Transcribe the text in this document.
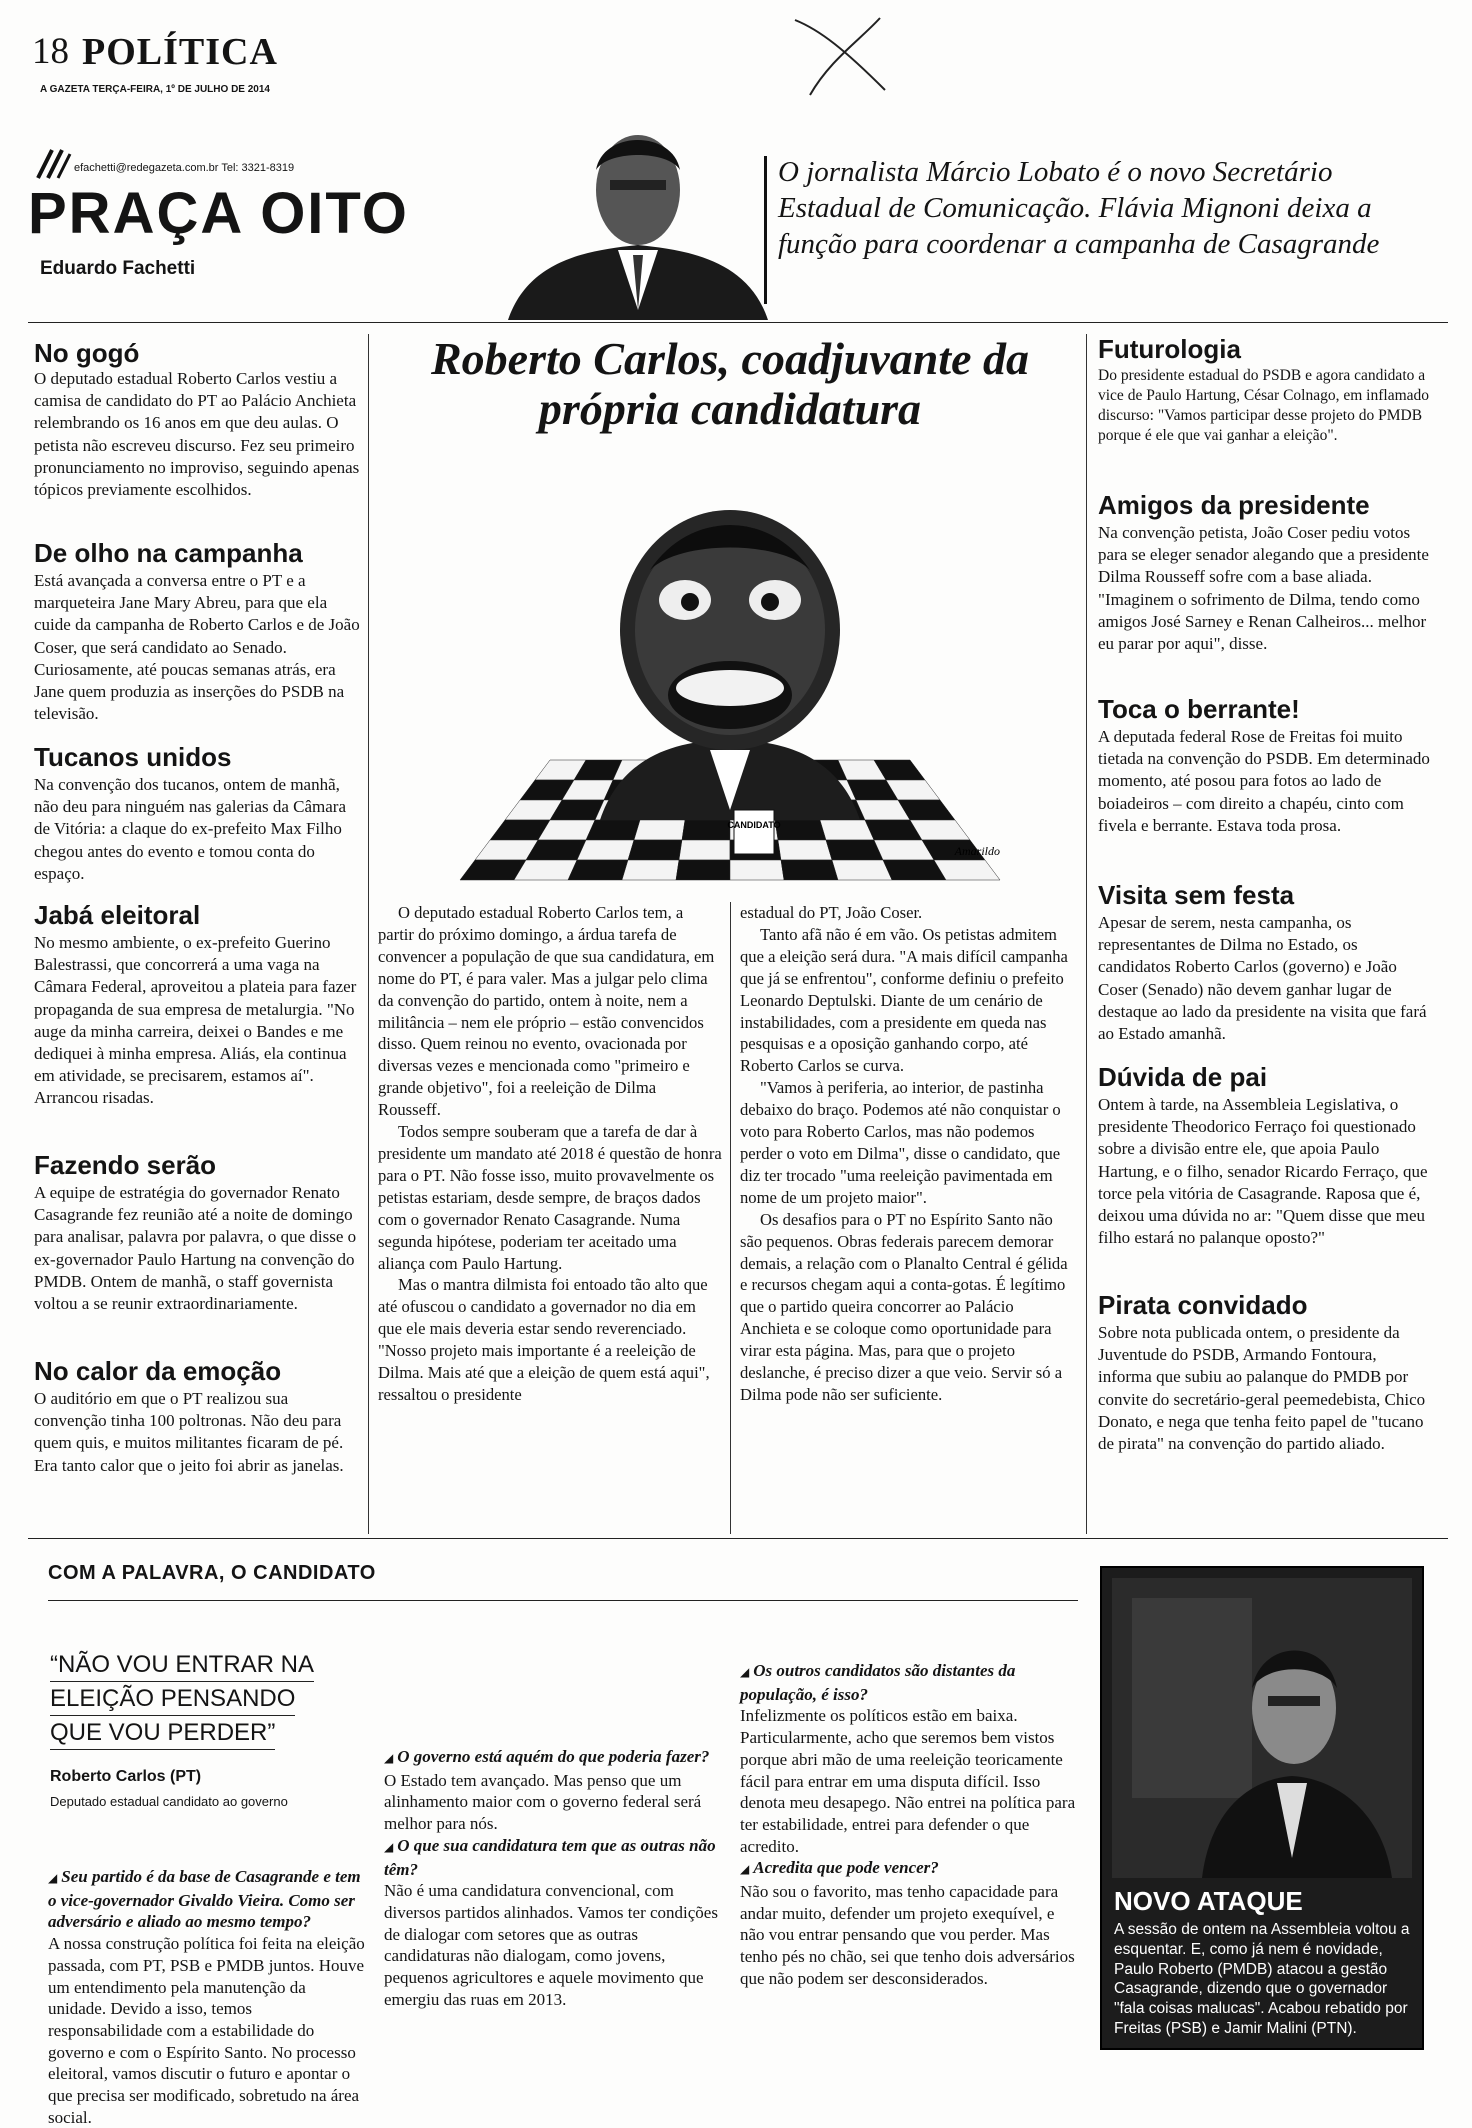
18 POLÍTICA
A GAZETA TERÇA-FEIRA, 1º DE JULHO DE 2014
efachetti@redegazeta.com.br Tel: 3321-8319
PRAÇA OITO
Eduardo Fachetti
O jornalista Márcio Lobato é o novo Secretário Estadual de Comunicação. Flávia Mignoni deixa a função para coordenar a campanha de Casagrande
No gogó
O deputado estadual Roberto Carlos vestiu a camisa de candidato do PT ao Palácio Anchieta relembrando os 16 anos em que deu aulas. O petista não escreveu discurso. Fez seu primeiro pronunciamento no improviso, seguindo apenas tópicos previamente escolhidos.
De olho na campanha
Está avançada a conversa entre o PT e a marqueteira Jane Mary Abreu, para que ela cuide da campanha de Roberto Carlos e de João Coser, que será candidato ao Senado. Curiosamente, até poucas semanas atrás, era Jane quem produzia as inserções do PSDB na televisão.
Tucanos unidos
Na convenção dos tucanos, ontem de manhã, não deu para ninguém nas galerias da Câmara de Vitória: a claque do ex-prefeito Max Filho chegou antes do evento e tomou conta do espaço.
Jabá eleitoral
No mesmo ambiente, o ex-prefeito Guerino Balestrassi, que concorrerá a uma vaga na Câmara Federal, aproveitou a plateia para fazer propaganda de sua empresa de metalurgia. "No auge da minha carreira, deixei o Bandes e me dediquei à minha empresa. Aliás, ela continua em atividade, se precisarem, estamos aí". Arrancou risadas.
Fazendo serão
A equipe de estratégia do governador Renato Casagrande fez reunião até a noite de domingo para analisar, palavra por palavra, o que disse o ex-governador Paulo Hartung na convenção do PMDB. Ontem de manhã, o staff governista voltou a se reunir extraordinariamente.
No calor da emoção
O auditório em que o PT realizou sua convenção tinha 100 poltronas. Não deu para quem quis, e muitos militantes ficaram de pé. Era tanto calor que o jeito foi abrir as janelas.
Roberto Carlos, coadjuvante da própria candidatura
CANDIDATO
Amarildo

O deputado estadual Roberto Carlos tem, a partir do próximo domingo, a árdua tarefa de convencer a população de que sua candidatura, em nome do PT, é para valer. Mas a julgar pelo clima da convenção do partido, ontem à noite, nem a militância – nem ele próprio – estão convencidos disso. Quem reinou no evento, ovacionada por diversas vezes e mencionada como "primeiro e grande objetivo", foi a reeleição de Dilma Rousseff.

Todos sempre souberam que a tarefa de dar à presidente um mandato até 2018 é questão de honra para o PT. Não fosse isso, muito provavelmente os petistas estariam, desde sempre, de braços dados com o governador Renato Casagrande. Numa segunda hipótese, poderiam ter aceitado uma aliança com Paulo Hartung.

Mas o mantra dilmista foi entoado tão alto que até ofuscou o candidato a governador no dia em que ele mais deveria estar sendo reverenciado. "Nosso projeto mais importante é a reeleição de Dilma. Mais até que a eleição de quem está aqui", ressaltou o presidente

estadual do PT, João Coser.

Tanto afã não é em vão. Os petistas admitem que a eleição será dura. "A mais difícil campanha que já se enfrentou", conforme definiu o prefeito Leonardo Deptulski. Diante de um cenário de instabilidades, com a presidente em queda nas pesquisas e a oposição ganhando corpo, até Roberto Carlos se curva.

"Vamos à periferia, ao interior, de pastinha debaixo do braço. Podemos até não conquistar o voto para Roberto Carlos, mas não podemos perder o voto em Dilma", disse o candidato, que diz ter trocado "uma reeleição pavimentada em nome de um projeto maior".

Os desafios para o PT no Espírito Santo não são pequenos. Obras federais parecem demorar demais, a relação com o Planalto Central é gélida e recursos chegam aqui a conta-gotas. É legítimo que o partido queira concorrer ao Palácio Anchieta e se coloque como oportunidade para virar esta página. Mas, para que o projeto deslanche, é preciso dizer a que veio. Servir só a Dilma pode não ser suficiente.

Futurologia
Do presidente estadual do PSDB e agora candidato a vice de Paulo Hartung, César Colnago, em inflamado discurso: "Vamos participar desse projeto do PMDB porque é ele que vai ganhar a eleição".
Amigos da presidente
Na convenção petista, João Coser pediu votos para se eleger senador alegando que a presidente Dilma Rousseff sofre com a base aliada. "Imaginem o sofrimento de Dilma, tendo como amigos José Sarney e Renan Calheiros... melhor eu parar por aqui", disse.
Toca o berrante!
A deputada federal Rose de Freitas foi muito tietada na convenção do PSDB. Em determinado momento, até posou para fotos ao lado de boiadeiros – com direito a chapéu, cinto com fivela e berrante. Estava toda prosa.
Visita sem festa
Apesar de serem, nesta campanha, os representantes de Dilma no Estado, os candidatos Roberto Carlos (governo) e João Coser (Senado) não devem ganhar lugar de destaque ao lado da presidente na visita que fará ao Estado amanhã.
Dúvida de pai
Ontem à tarde, na Assembleia Legislativa, o presidente Theodorico Ferraço foi questionado sobre a divisão entre ele, que apoia Paulo Hartung, e o filho, senador Ricardo Ferraço, que torce pela vitória de Casagrande. Raposa que é, deixou uma dúvida no ar: "Quem disse que meu filho estará no palanque oposto?"
Pirata convidado
Sobre nota publicada ontem, o presidente da Juventude do PSDB, Armando Fontoura, informa que subiu ao palanque do PMDB por convite do secretário-geral peemedebista, Chico Donato, e nega que tenha feito papel de "tucano de pirata" na convenção do partido aliado.
COM A PALAVRA, O CANDIDATO
“NÃO VOU ENTRAR NA
ELEIÇÃO PENSANDO
QUE VOU PERDER”
Roberto Carlos (PT)
Deputado estadual candidato ao governo

◢ Seu partido é da base de Casagrande e tem o vice-governador Givaldo Vieira. Como ser adversário e aliado ao mesmo tempo?

A nossa construção política foi feita na eleição passada, com PT, PSB e PMDB juntos. Houve um entendimento pela manutenção da unidade. Devido a isso, temos responsabilidade com a estabilidade do governo e com o Espírito Santo. No processo eleitoral, vamos discutir o futuro e apontar o que precisa ser modificado, sobretudo na área social.

◢ O governo está aquém do que poderia fazer?

O Estado tem avançado. Mas penso que um alinhamento maior com o governo federal será melhor para nós.

◢ O que sua candidatura tem que as outras não têm?

Não é uma candidatura convencional, com diversos partidos alinhados. Vamos ter condições de dialogar com setores que as outras candidaturas não dialogam, como jovens, pequenos agricultores e aquele movimento que emergiu das ruas em 2013.

◢ Os outros candidatos são distantes da população, é isso?

Infelizmente os políticos estão em baixa. Particularmente, acho que seremos bem vistos porque abri mão de uma reeleição teoricamente fácil para entrar em uma disputa difícil. Isso denota meu desapego. Não entrei na política para ter estabilidade, entrei para defender o que acredito.

◢ Acredita que pode vencer?

Não sou o favorito, mas tenho capacidade para andar muito, defender um projeto exequível, e não vou entrar pensando que vou perder. Mas tenho pés no chão, sei que tenho dois adversários que não podem ser desconsiderados.

NOVO ATAQUE
A sessão de ontem na Assembleia voltou a esquentar. E, como já nem é novidade, Paulo Roberto (PMDB) atacou a gestão Casagrande, dizendo que o governador "fala coisas malucas". Acabou rebatido por Freitas (PSB) e Jamir Malini (PTN).
